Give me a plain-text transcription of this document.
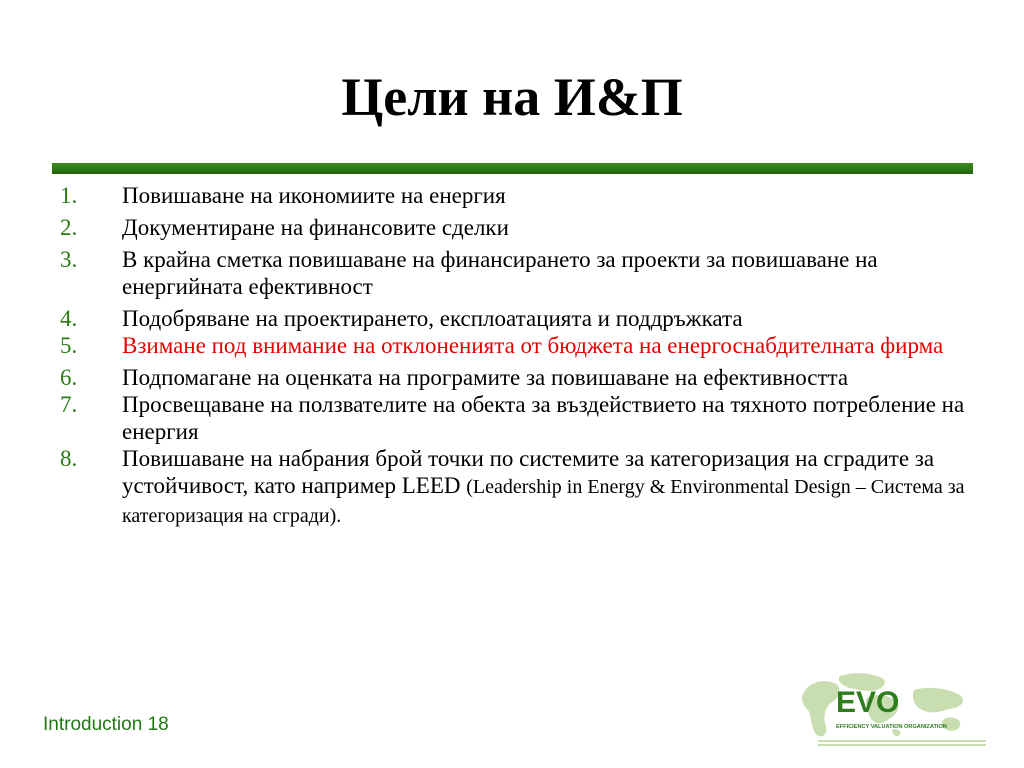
Цели на И&П
1.	Повишаване на икономиите на енергия
2.	Документиране на финансовите сделки
3.	В крайна сметка повишаване на финансирането за проекти за повишаване на енергийната ефективност
4.	Подобряване на проектирането, експлоатацията и поддръжката
5.	Взимане под внимание на отклоненията от бюджета на енергоснабдителната фирма
6.	Подпомагане на оценката на програмите за повишаване на ефективността
7.	Просвещаване на ползвателите на обекта за въздействието на тяхното потребление на енергия
8.	Повишаване на набрания брой точки по системите за категоризация на сградите за устойчивост, като например LEED (Leadership in Energy & Environmental Design – Система за категоризация на сгради).
Introduction 18
EVO
EFFICIENCY VALUATION ORGANIZATION
